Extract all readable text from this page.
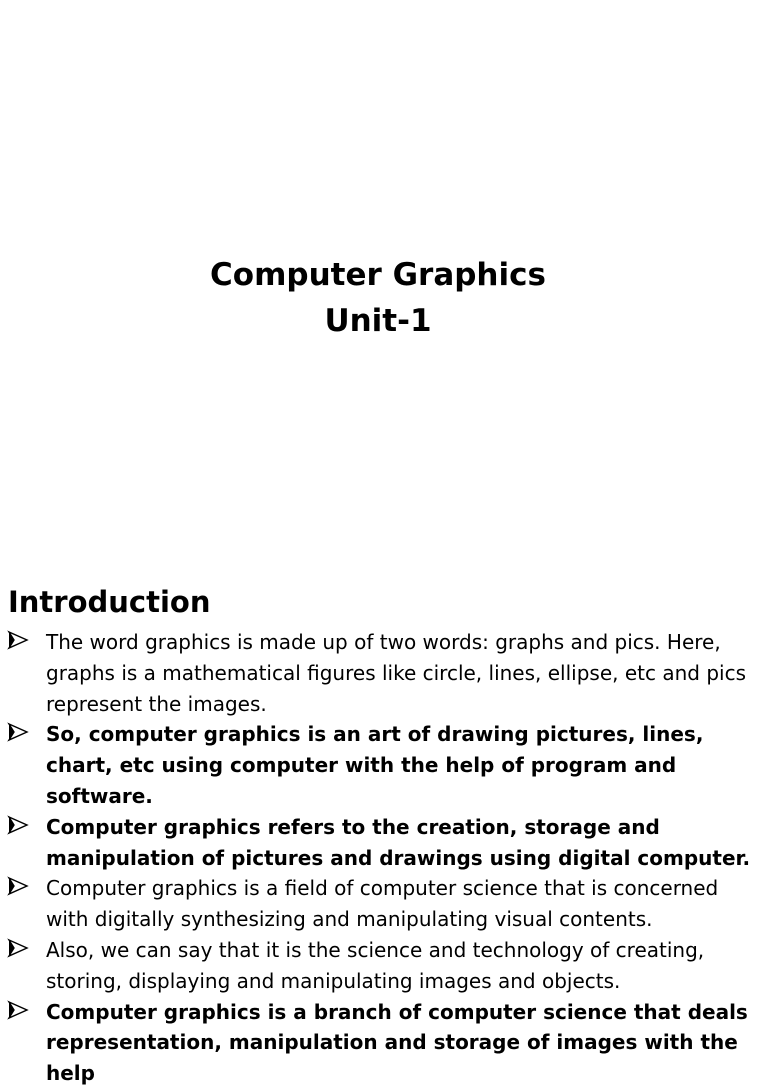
Computer Graphics
Unit-1
Introduction
The word graphics is made up of two words: graphs and pics. Here, graphs is a mathematical figures like circle, lines, ellipse, etc and pics represent the images.
So, computer graphics is an art of drawing pictures, lines, chart, etc using computer with the help of program and software.
Computer graphics refers to the creation, storage and manipulation of pictures and drawings using digital computer.
Computer graphics is a field of computer science that is concerned with digitally synthesizing and manipulating visual contents.
Also, we can say that it is the science and technology of creating, storing, displaying and manipulating images and objects.
Computer graphics is a branch of computer science that deals representation, manipulation and storage of images with the help
